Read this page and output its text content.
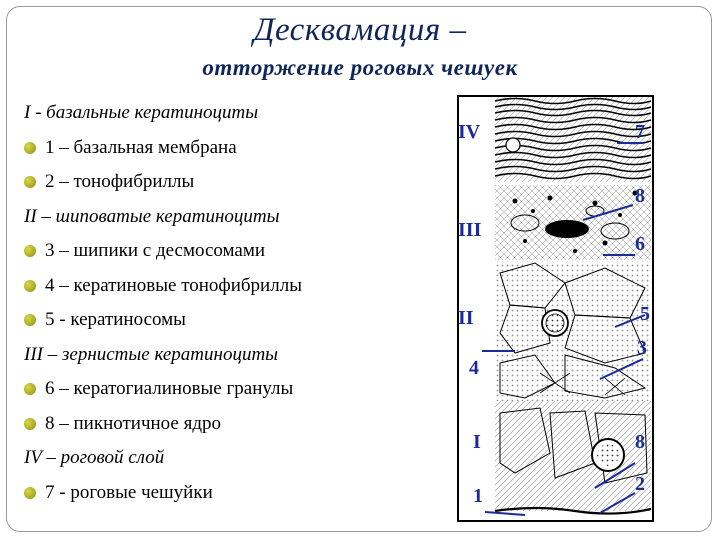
Десквамация –
отторжение роговых чешуек
I - базальные кератиноциты
1 – базальная мембрана
2 – тонофибриллы
II – шиповатые кератиноциты
3 – шипики с десмосомами
4 – кератиновые тонофибриллы
5 - кератиносомы
III – зернистые кератиноциты
6 – кератогиалиновые гранулы
8 – пикнотичное ядро
IV – роговой слой
7 - роговые чешуйки
IV
III
II
I
7
8
6
5
3
4
8
2
1
